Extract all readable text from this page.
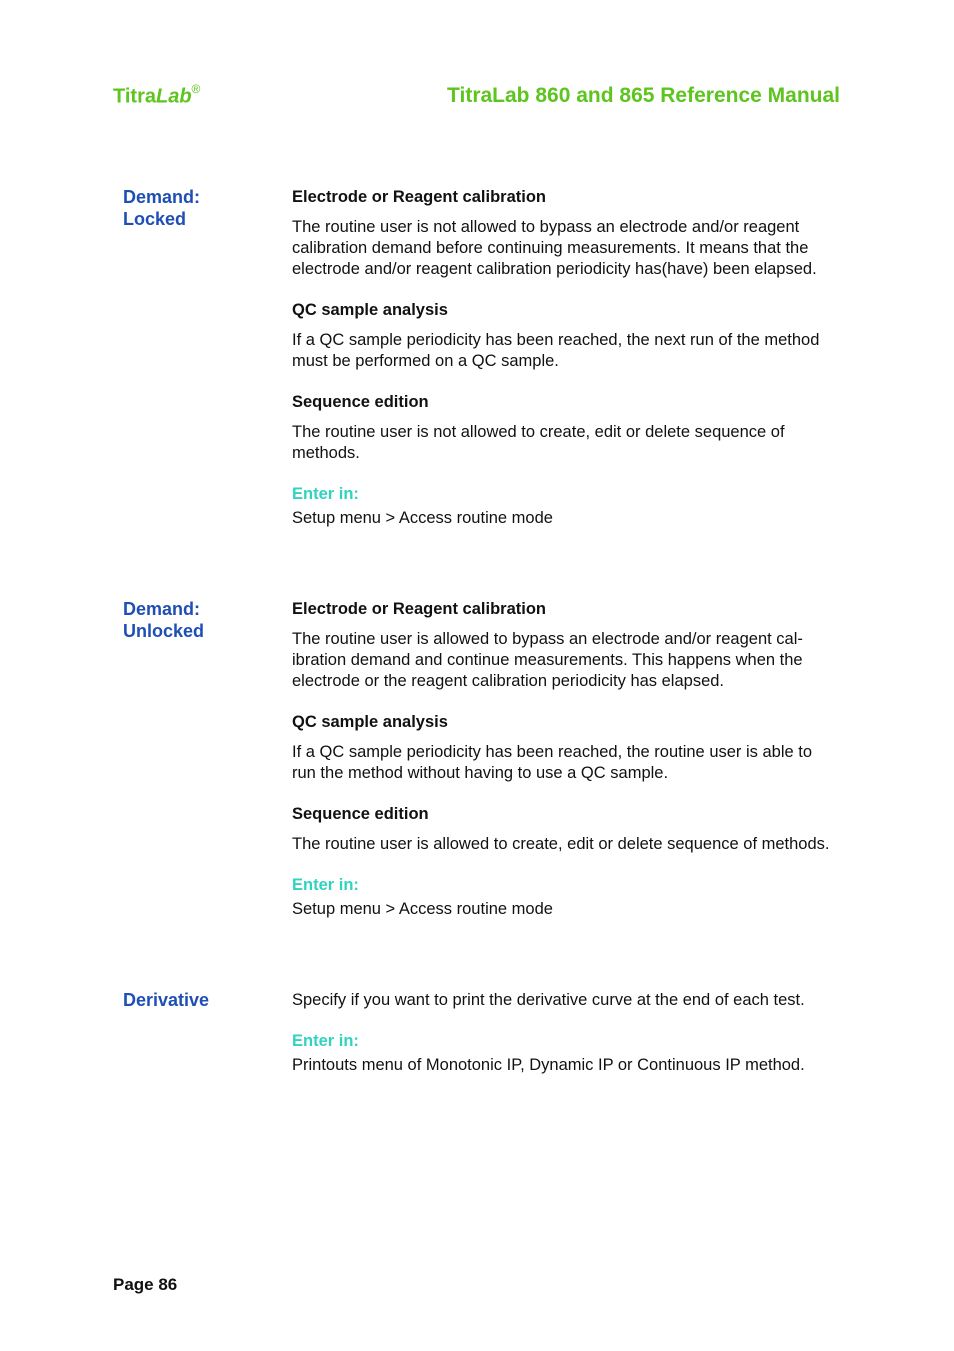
TitraLab®	TitraLab 860 and 865 Reference Manual
Demand:
Locked
Electrode or Reagent calibration
The routine user is not allowed to bypass an electrode and/or reagent calibration demand before continuing measurements. It means that the electrode and/or reagent calibration periodicity has(have) been elapsed.
QC sample analysis
If a QC sample periodicity has been reached, the next run of the method must be performed on a QC sample.
Sequence edition
The routine user is not allowed to create, edit or delete sequence of methods.
Enter in:
Setup menu > Access routine mode
Demand:
Unlocked
Electrode or Reagent calibration
The routine user is allowed to bypass an electrode and/or reagent cal-ibration demand and continue measurements. This happens when the electrode or the reagent calibration periodicity has elapsed.
QC sample analysis
If a QC sample periodicity has been reached, the routine user is able to run the method without having to use a QC sample.
Sequence edition
The routine user is allowed to create, edit or delete sequence of methods.
Enter in:
Setup menu > Access routine mode
Derivative	Specify if you want to print the derivative curve at the end of each test.
Enter in:
Printouts menu of Monotonic IP, Dynamic IP or Continuous IP method.
Page 86
